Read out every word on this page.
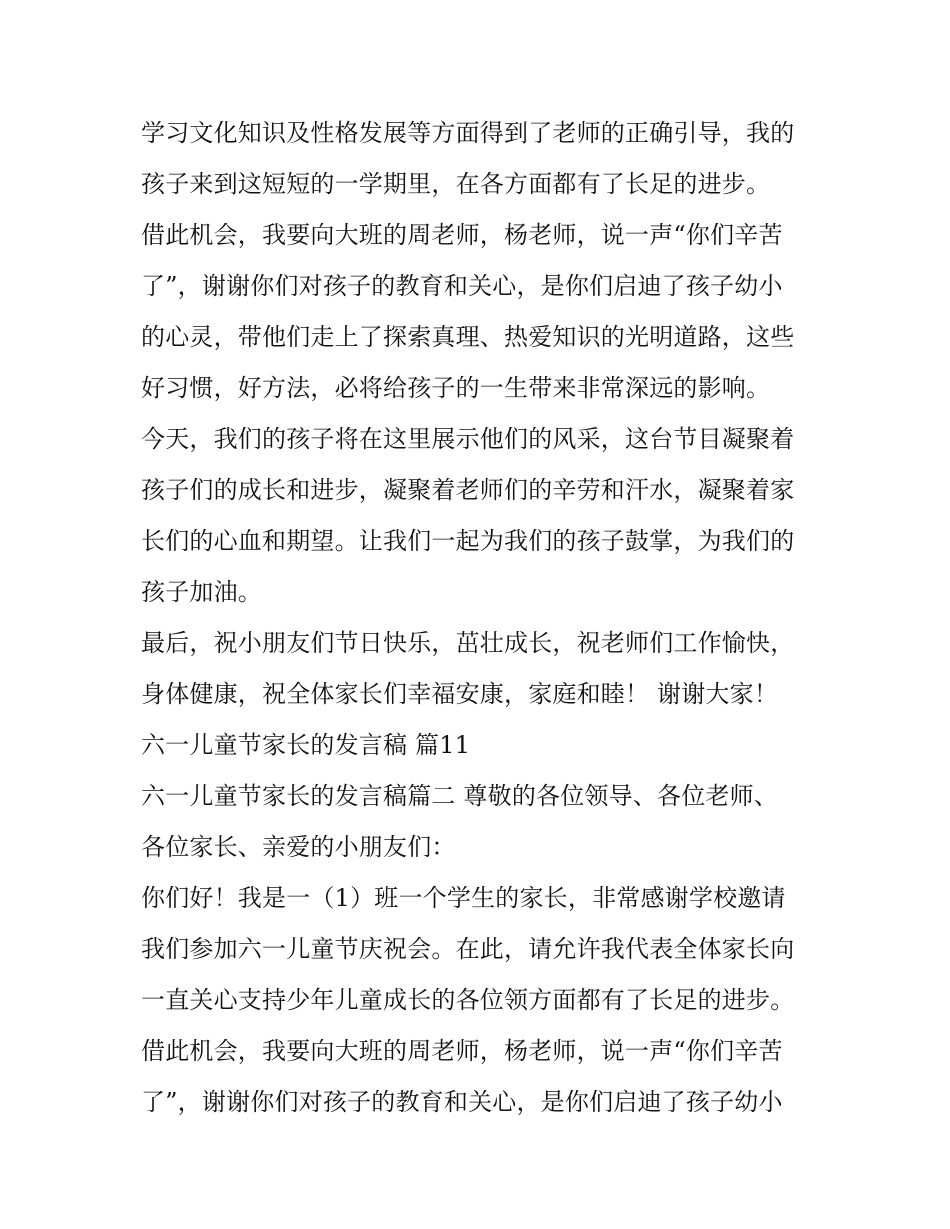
学习文化知识及性格发展等方面得到了老师的正确引导，我的
孩子来到这短短的一学期里，在各方面都有了长足的进步。
借此机会，我要向大班的周老师，杨老师，说一声“你们辛苦
了”，谢谢你们对孩子的教育和关心，是你们启迪了孩子幼小
的心灵，带他们走上了探索真理、热爱知识的光明道路，这些
好习惯，好方法，必将给孩子的一生带来非常深远的影响。
今天，我们的孩子将在这里展示他们的风采，这台节目凝聚着
孩子们的成长和进步，凝聚着老师们的辛劳和汗水，凝聚着家
长们的心血和期望。让我们一起为我们的孩子鼓掌，为我们的
孩子加油。
最后，祝小朋友们节日快乐，茁壮成长，祝老师们工作愉快，
身体健康，祝全体家长们幸福安康，家庭和睦！ 谢谢大家！
六一儿童节家长的发言稿 篇11
六一儿童节家长的发言稿篇二 尊敬的各位领导、各位老师、
各位家长、亲爱的小朋友们：
你们好！我是一（1）班一个学生的家长，非常感谢学校邀请
我们参加六一儿童节庆祝会。在此，请允许我代表全体家长向
一直关心支持少年儿童成长的各位领方面都有了长足的进步。
借此机会，我要向大班的周老师，杨老师，说一声“你们辛苦
了”，谢谢你们对孩子的教育和关心，是你们启迪了孩子幼小
